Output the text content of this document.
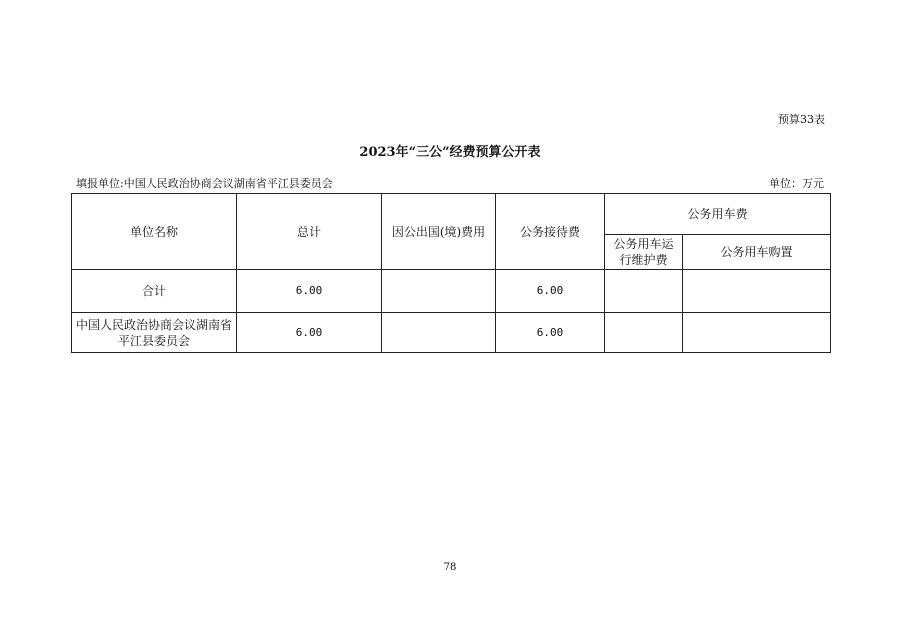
预算33表
2023年“三公”经费预算公开表
填报单位:中国人民政治协商会议湖南省平江县委员会	单位：万元
单位名称	总计	因公出国(境)费用	公务接待费	公务用车费	
				公务用车运行维护费	公务用车购置
合计	6.00		6.00		
中国人民政治协商会议湖南省平江县委员会	6.00		6.00		
78
